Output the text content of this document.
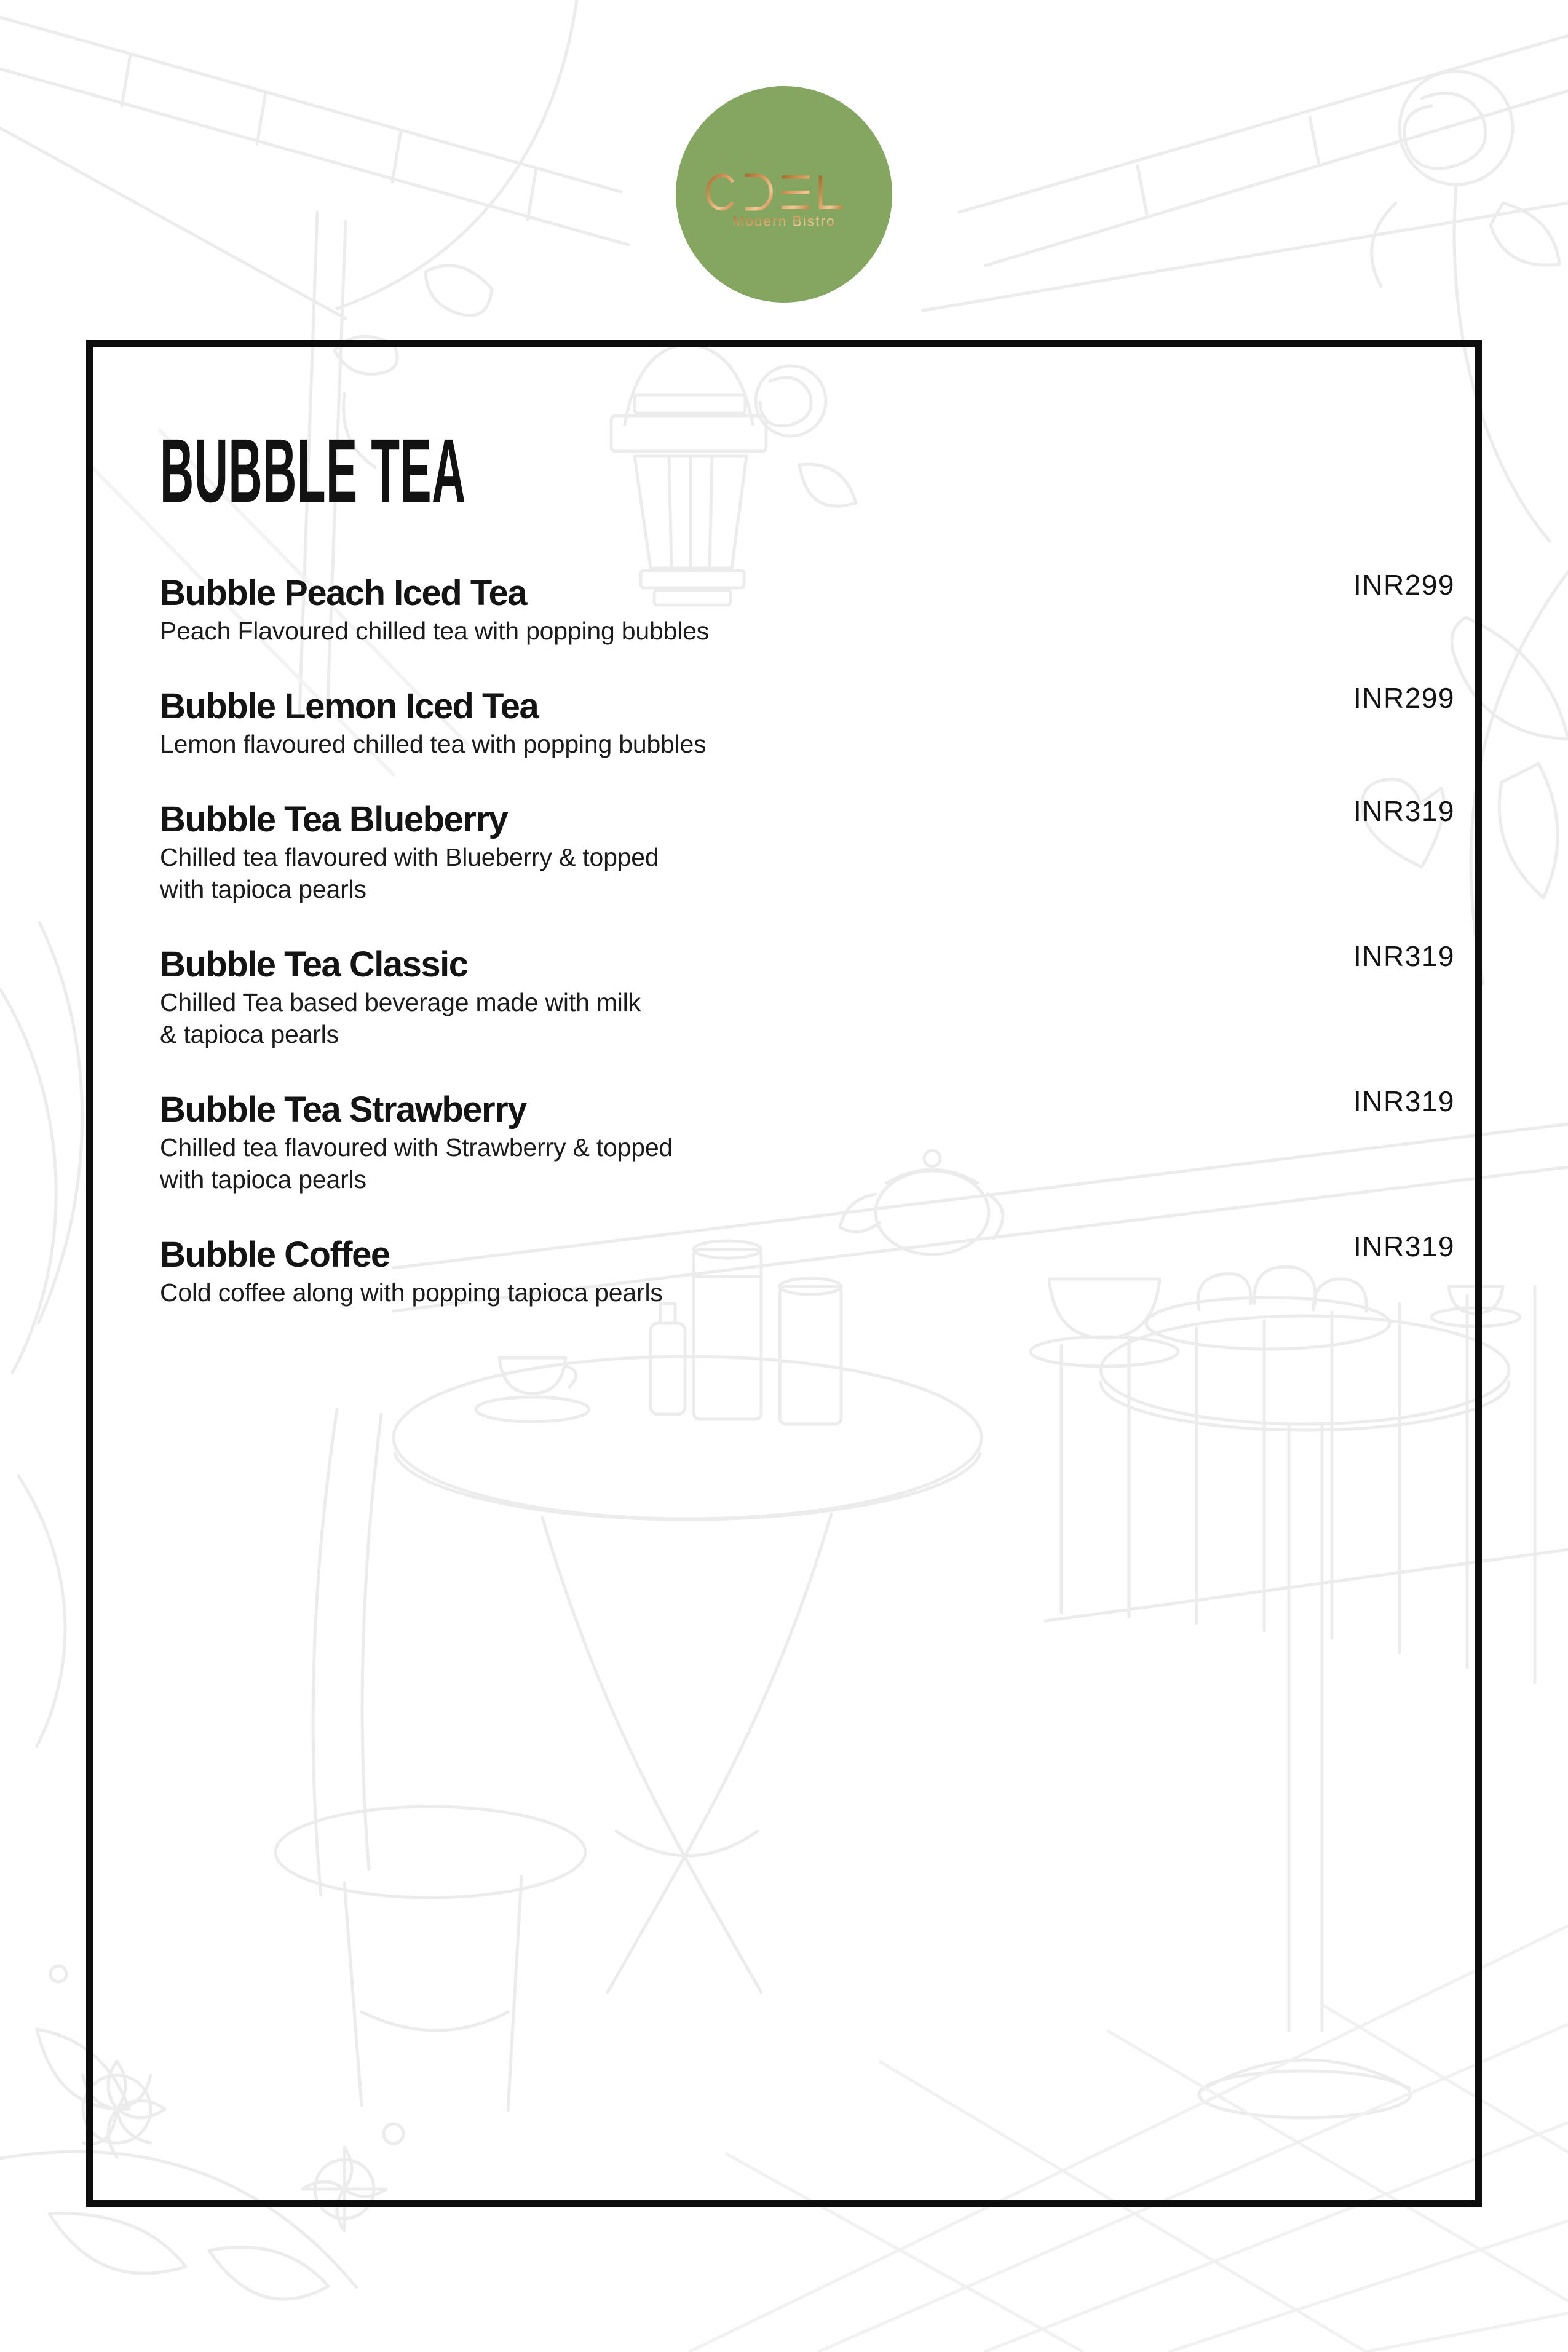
Modern Bistro
BUBBLE TEA
Bubble Peach Iced Tea
Peach Flavoured chilled tea with popping bubbles
INR299
Bubble Lemon Iced Tea
Lemon flavoured chilled tea with popping bubbles
INR299
Bubble Tea Blueberry
Chilled tea flavoured with Blueberry & topped
with tapioca pearls
INR319
Bubble Tea Classic
Chilled Tea based beverage made with milk
& tapioca pearls
INR319
Bubble Tea Strawberry
Chilled tea flavoured with Strawberry & topped
with tapioca pearls
INR319
Bubble Coffee
Cold coffee along with popping tapioca pearls
INR319
